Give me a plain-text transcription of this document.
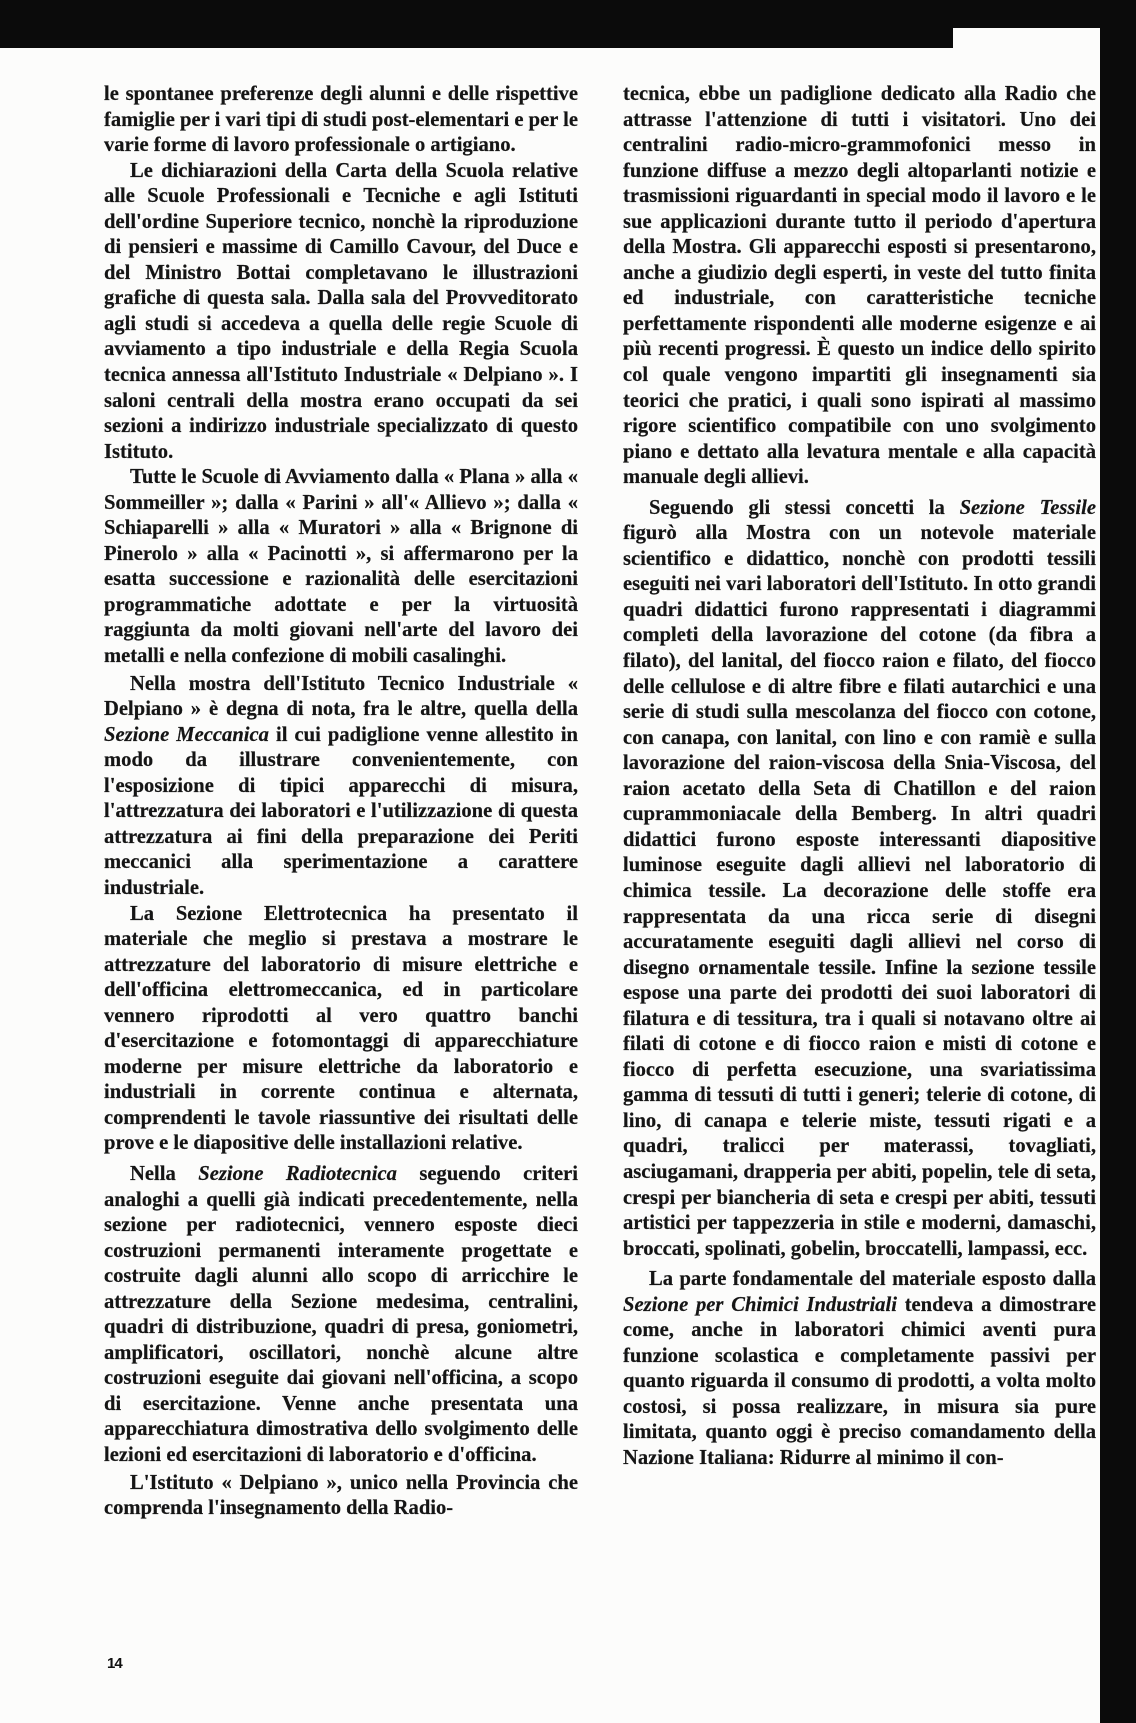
le spontanee preferenze degli alunni e delle rispettive famiglie per i vari tipi di studi post-elementari e per le varie forme di lavoro professionale o artigiano.

Le dichiarazioni della Carta della Scuola relative alle Scuole Professionali e Tecniche e agli Istituti dell'ordine Superiore tecnico, nonchè la riproduzione di pensieri e massime di Camillo Cavour, del Duce e del Ministro Bottai completavano le illustrazioni grafiche di questa sala. Dalla sala del Provveditorato agli studi si accedeva a quella delle regie Scuole di avviamento a tipo industriale e della Regia Scuola tecnica annessa all'Istituto Industriale « Delpiano ». I saloni centrali della mostra erano occupati da sei sezioni a indirizzo industriale specializzato di questo Istituto.

Tutte le Scuole di Avviamento dalla « Plana » alla « Sommeiller »; dalla « Parini » all'« Allievo »; dalla « Schiaparelli » alla « Muratori » alla « Brignone di Pinerolo » alla « Pacinotti », si affermarono per la esatta successione e razionalità delle esercitazioni programmatiche adottate e per la virtuosità raggiunta da molti giovani nell'arte del lavoro dei metalli e nella confezione di mobili casalinghi.

Nella mostra dell'Istituto Tecnico Industriale « Delpiano » è degna di nota, fra le altre, quella della Sezione Meccanica il cui padiglione venne allestito in modo da illustrare convenientemente, con l'esposizione di tipici apparecchi di misura, l'attrezzatura dei laboratori e l'utilizzazione di questa attrezzatura ai fini della preparazione dei Periti meccanici alla sperimentazione a carattere industriale.

La Sezione Elettrotecnica ha presentato il materiale che meglio si prestava a mostrare le attrezzature del laboratorio di misure elettriche e dell'officina elettromeccanica, ed in particolare vennero riprodotti al vero quattro banchi d'esercitazione e fotomontaggi di apparecchiature moderne per misure elettriche da laboratorio e industriali in corrente continua e alternata, comprendenti le tavole riassuntive dei risultati delle prove e le diapositive delle installazioni relative.

Nella Sezione Radiotecnica seguendo criteri analoghi a quelli già indicati precedentemente, nella sezione per radiotecnici, vennero esposte dieci costruzioni permanenti interamente progettate e costruite dagli alunni allo scopo di arricchire le attrezzature della Sezione medesima, centralini, quadri di distribuzione, quadri di presa, goniometri, amplificatori, oscillatori, nonchè alcune altre costruzioni eseguite dai giovani nell'officina, a scopo di esercitazione. Venne anche presentata una apparecchiatura dimostrativa dello svolgimento delle lezioni ed esercitazioni di laboratorio e d'officina.

L'Istituto « Delpiano », unico nella Provincia che comprenda l'insegnamento della Radio-

tecnica, ebbe un padiglione dedicato alla Radio che attrasse l'attenzione di tutti i visitatori. Uno dei centralini radio-micro-grammofonici messo in funzione diffuse a mezzo degli altoparlanti notizie e trasmissioni riguardanti in special modo il lavoro e le sue applicazioni durante tutto il periodo d'apertura della Mostra. Gli apparecchi esposti si presentarono, anche a giudizio degli esperti, in veste del tutto finita ed industriale, con caratteristiche tecniche perfettamente rispondenti alle moderne esigenze e ai più recenti progressi. È questo un indice dello spirito col quale vengono impartiti gli insegnamenti sia teorici che pratici, i quali sono ispirati al massimo rigore scientifico compatibile con uno svolgimento piano e dettato alla levatura mentale e alla capacità manuale degli allievi.

Seguendo gli stessi concetti la Sezione Tessile figurò alla Mostra con un notevole materiale scientifico e didattico, nonchè con prodotti tessili eseguiti nei vari laboratori dell'Istituto. In otto grandi quadri didattici furono rappresentati i diagrammi completi della lavorazione del cotone (da fibra a filato), del lanital, del fiocco raion e filato, del fiocco delle cellulose e di altre fibre e filati autarchici e una serie di studi sulla mescolanza del fiocco con cotone, con canapa, con lanital, con lino e con ramiè e sulla lavorazione del raion-viscosa della Snia-Viscosa, del raion acetato della Seta di Chatillon e del raion cuprammoniacale della Bemberg. In altri quadri didattici furono esposte interessanti diapositive luminose eseguite dagli allievi nel laboratorio di chimica tessile. La decorazione delle stoffe era rappresentata da una ricca serie di disegni accuratamente eseguiti dagli allievi nel corso di disegno ornamentale tessile. Infine la sezione tessile espose una parte dei prodotti dei suoi laboratori di filatura e di tessitura, tra i quali si notavano oltre ai filati di cotone e di fiocco raion e misti di cotone e fiocco di perfetta esecuzione, una svariatissima gamma di tessuti di tutti i generi; telerie di cotone, di lino, di canapa e telerie miste, tessuti rigati e a quadri, tralicci per materassi, tovagliati, asciugamani, drapperia per abiti, popelin, tele di seta, crespi per biancheria di seta e crespi per abiti, tessuti artistici per tappezzeria in stile e moderni, damaschi, broccati, spolinati, gobelin, broccatelli, lampassi, ecc.

La parte fondamentale del materiale esposto dalla Sezione per Chimici Industriali tendeva a dimostrare come, anche in laboratori chimici aventi pura funzione scolastica e completamente passivi per quanto riguarda il consumo di prodotti, a volta molto costosi, si possa realizzare, in misura sia pure limitata, quanto oggi è preciso comandamento della Nazione Italiana: Ridurre al minimo il con-

14
